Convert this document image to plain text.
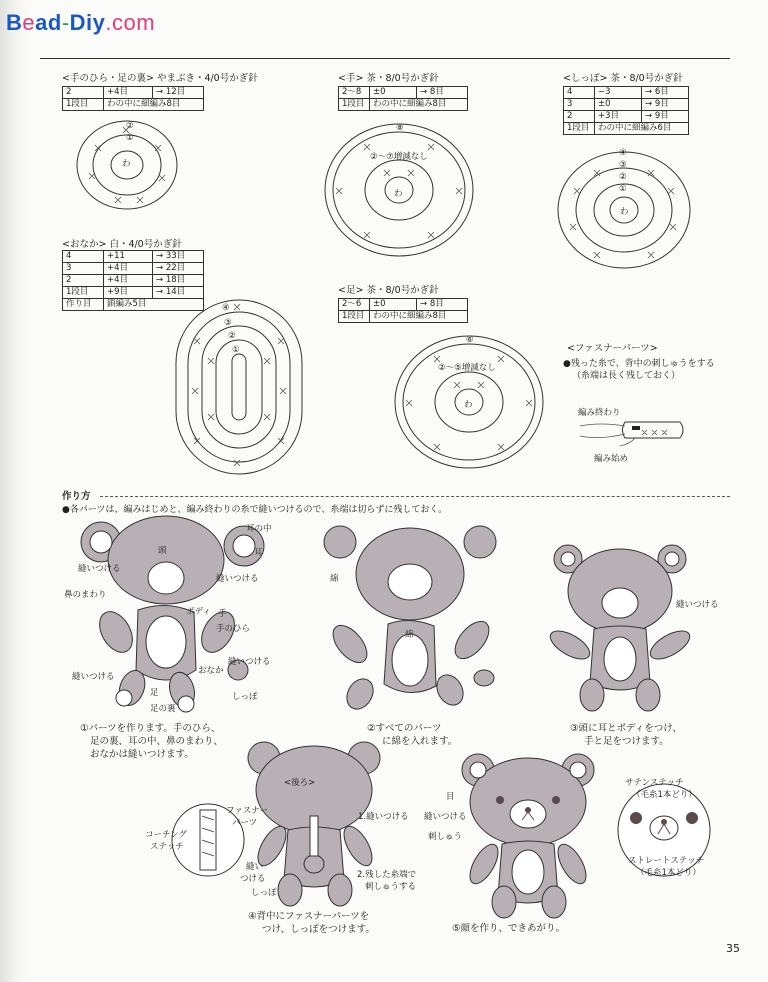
Bead-Diy.com
<手のひら・足の裏> やまぶき・4/0号かぎ針
2	+4目	→ 12目
1段目	わの中に細編み8目	
わ
②
①
<手> 茶・8/0号かぎ針
2～8	±0	→ 8目
1段目	わの中に細編み8目	
⑧
②～⑦増減なし
わ
<しっぽ> 茶・8/0号かぎ針
4	−3	→ 6目
3	±0	→ 9目
2	+3目	→ 9目
1段目	わの中に細編み6目	
④
③
②
①
わ
<おなか> 白・4/0号かぎ針
4	+11	→ 33目
3	+4目	→ 22目
2	+4目	→ 18目
1段目	+9目	→ 14目
作り目	鎖編み5目		④
③
②
①
<足> 茶・8/0号かぎ針
2～6	±0	→ 8目
1段目	わの中に細編み8目	
⑥
②～⑤増減なし
わ
<ファスナーパーツ>
●残った糸で、背中の刺しゅうをする
（糸端は長く残しておく）
編み終わり
編み始め
作り方
●各パーツは、編みはじめと、編み終わりの糸で縫いつけるので、糸端は切らずに残しておく。
頭
耳の中
耳
縫いつける
縫いつける
鼻のまわり
ボディ 手
手のひら
縫いつける
おなか
縫いつける
足
足の裏
しっぽ
①パーツを作ります。手のひら、
足の裏、耳の中、鼻のまわり、
おなかは縫いつけます。
綿
綿
②すべてのパーツ
に綿を入れます。
縫いつける
③頭に耳とボディをつけ、
手と足をつけます。
<後ろ>
ファスナー
パーツ
1.縫いつける
コーチング
ステッチ
縫い
つける
しっぽ
2.残した糸端で
刺しゅうする
④背中にファスナーパーツを
つけ、しっぽをつけます。
目
縫いつける
刺しゅう
サテンステッチ
（毛糸1本どり）
ストレートステッチ
（毛糸1本どり）
⑤顔を作り、できあがり。
35
